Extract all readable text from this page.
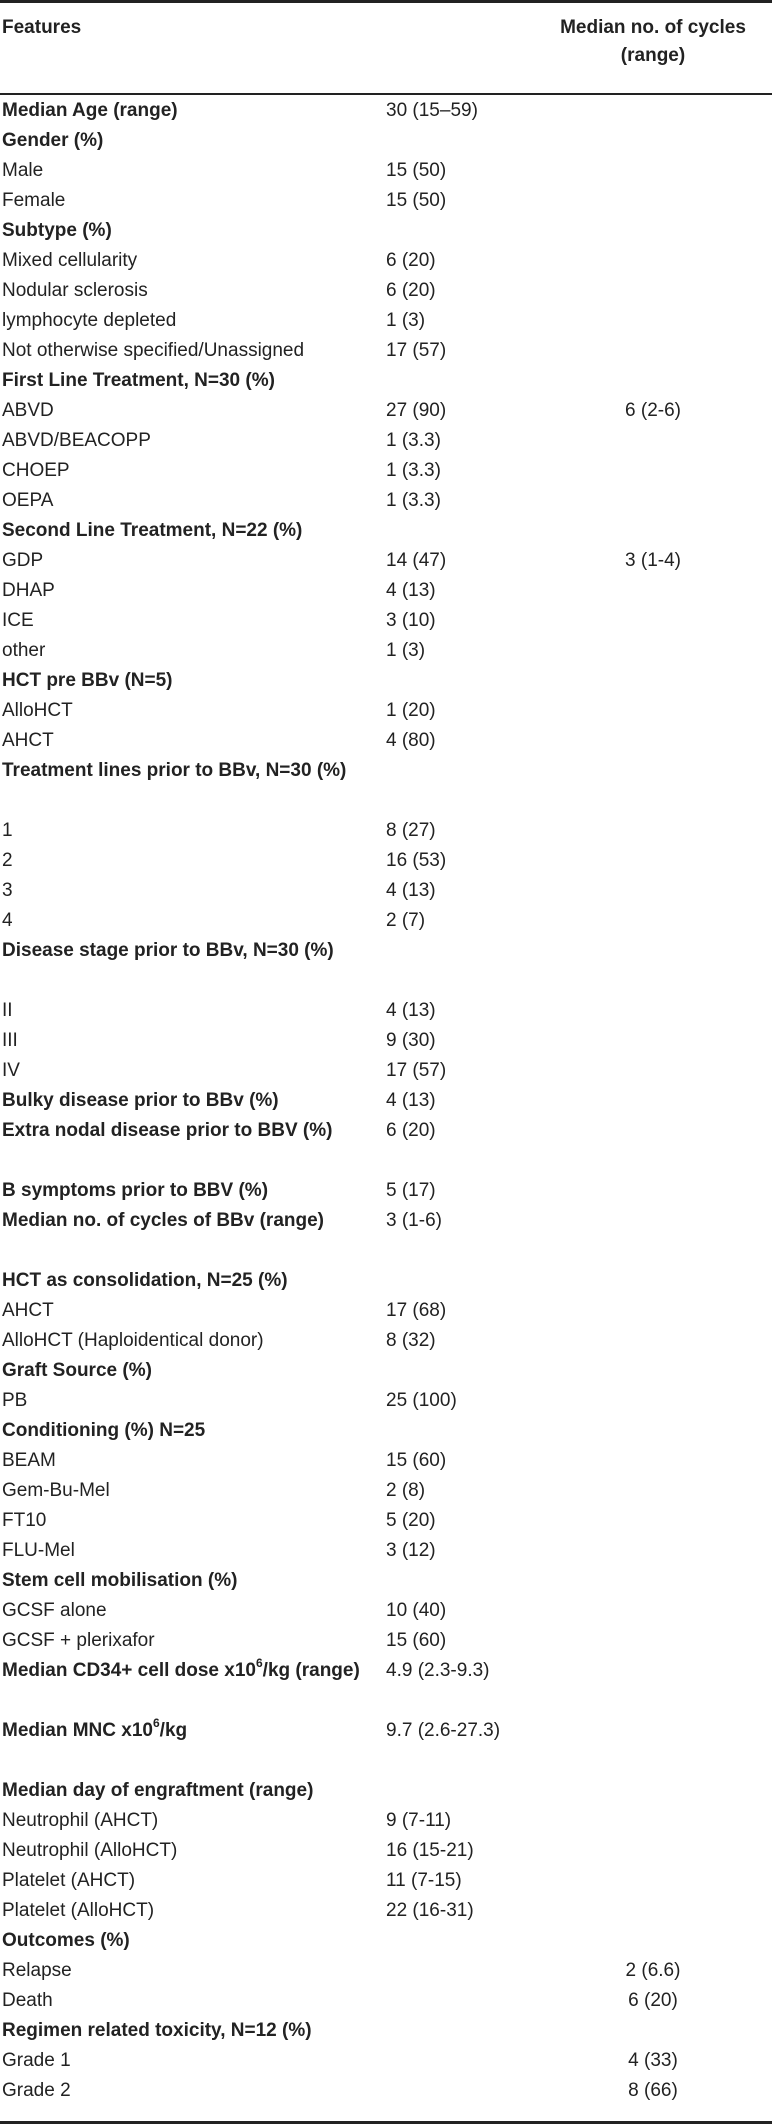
Features		Median no. of cycles (range)
Median Age (range)	30 (15–59)	
Gender (%)		
Male	15 (50)	
Female	15 (50)	
Subtype (%)		
Mixed cellularity	6 (20)	
Nodular sclerosis	6 (20)	
lymphocyte depleted	1 (3)	
Not otherwise specified/Unassigned	17 (57)	
First Line Treatment, N=30 (%)		
ABVD	27 (90)	6 (2-6)
ABVD/BEACOPP	1 (3.3)	
CHOEP	1 (3.3)	
OEPA	1 (3.3)	
Second Line Treatment, N=22 (%)		
GDP	14 (47)	3 (1-4)
DHAP	4 (13)	
ICE	3 (10)	
other	1 (3)	
HCT pre BBv (N=5)		
AlloHCT	1 (20)	
AHCT	4 (80)	
Treatment lines prior to BBv, N=30 (%)		
1	8 (27)	
2	16 (53)	
3	4 (13)	
4	2 (7)	
Disease stage prior to BBv, N=30 (%)		
II	4 (13)	
III	9 (30)	
IV	17 (57)	
Bulky disease prior to BBv (%)	4 (13)	
Extra nodal disease prior to BBV (%)	6 (20)	
B symptoms prior to BBV (%)	5 (17)	
Median no. of cycles of BBv (range)	3 (1-6)	
HCT as consolidation, N=25 (%)		
AHCT	17 (68)	
AlloHCT (Haploidentical donor)	8 (32)	
Graft Source (%)		
PB	25 (100)	
Conditioning (%) N=25		
BEAM	15 (60)	
Gem-Bu-Mel	2 (8)	
FT10	5 (20)	
FLU-Mel	3 (12)	
Stem cell mobilisation (%)		
GCSF alone	10 (40)	
GCSF + plerixafor	15 (60)	
Median CD34+ cell dose $x10^6/kg$ (range)	4.9 (2.3-9.3)	
Median MNC $x10^6/kg$	9.7 (2.6-27.3)	
Median day of engraftment (range)		
Neutrophil (AHCT)	9 (7-11)	
Neutrophil (AlloHCT)	16 (15-21)	
Platelet (AHCT)	11 (7-15)	
Platelet (AlloHCT)	22 (16-31)	
Outcomes (%)		
Relapse		2 (6.6)
Death		6 (20)
Regimen related toxicity, N=12 (%)		
Grade 1		4 (33)
Grade 2		8 (66)
